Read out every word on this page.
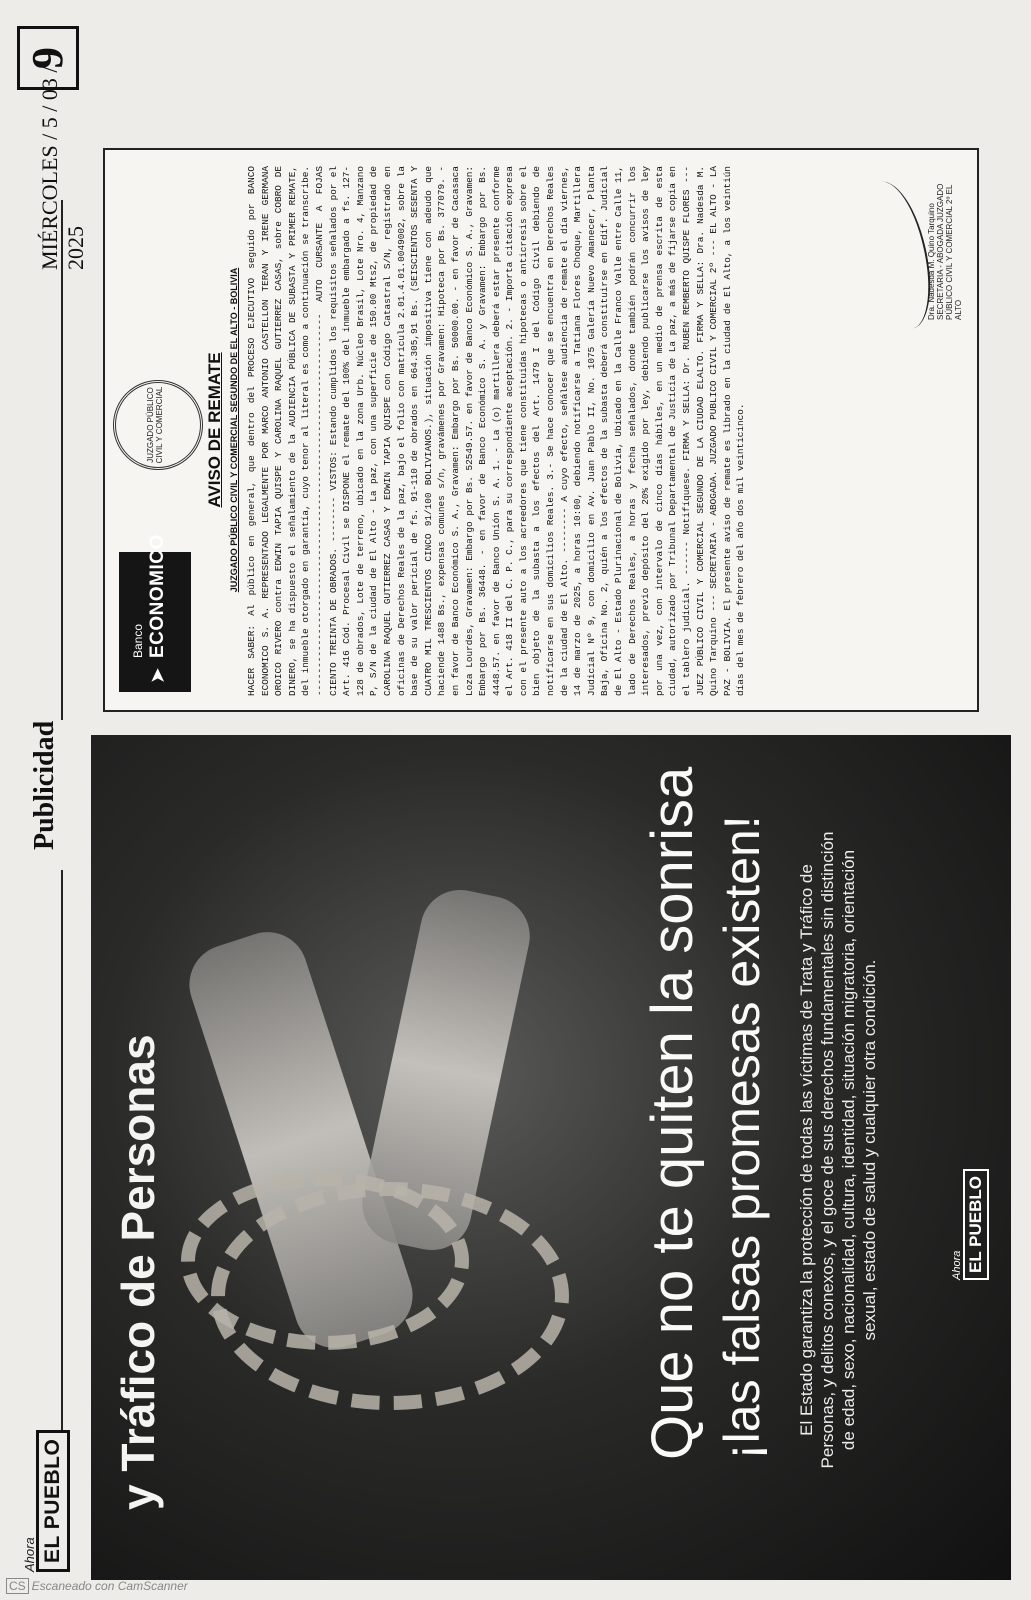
Ahora EL PUEBLO
Publicidad
MIÉRCOLES / 5 / 03 / 2025
9
y Tráfico de Personas	Que no te quiten la sonrisa ¡las falsas promesas existen! El Estado garantiza la protección de todas las víctimas de Trata y Tráfico de Personas, y delitos conexos, y el goce de sus derechos fundamentales sin distinción de edad, sexo, nacionalidad, cultura, identidad, situación migratoria, orientación sexual, estado de salud y cualquier otra condición.	Ahora EL PUEBLO
➤
Banco ECONOMICO
JUZGADO PÚBLICO CIVIL Y COMERCIAL AVISO DE REMATE JUZGADO PÚBLICO CIVIL Y COMERCIAL SEGUNDO DE EL ALTO - BOLIVIA HACER SABER: Al público en general, que dentro del PROCESO EJECUTIVO seguido por BANCO ECONOMICO S. A. REPRESENTADO LEGALMENTE POR MARCO ANTONIO CASTELLON TERAN Y IRENE GERMANA OROICO RIVERO contra EDWIN TAPIA QUISPE Y CAROLINA RAQUEL GUTIERREZ CASAS, sobre COBRO DE DINERO, se ha dispuesto el señalamiento de la AUDIENCIA PÚBLICA DE SUBASTA Y PRIMER REMATE, del inmueble otorgado en garantía, cuyo tenor al literal es como a continuación se transcribe. -------------------------------------------------------------------- AUTO CURSANTE A FOJAS CIENTO TREINTA DE OBRADOS. -------- VISTOS: Estando cumplidos los requisitos señalados por el Art. 416 Cód. Procesal Civil se DISPONE el remate del 100% del inmueble embargado a fs. 127-128 de obrados, Lote de terreno, ubicado en la zona Urb. Núcleo Brasil, Lote Nro. 4, Manzano P, S/N de la ciudad de El Alto - La paz, con una superficie de 150.00 Mts2, de propiedad de CAROLINA RAQUEL GUTIERREZ CASAS Y EDWIN TAPIA QUISPE con Código Catastral S/N, registrado en oficinas de Derechos Reales de la paz, bajo el folio con matricula 2.01.4.01.0049002, sobre la base de su valor pericial de fs. 91-110 de obrados en 664.305,91 Bs. (SEISCIENTOS SESENTA Y CUATRO MIL TRESCIENTOS CINCO 91/100 BOLIVIANOS.), situación impositiva tiene con adeudo que haciende 1488 Bs., expensas comunes s/n, gravámenes por Gravamen: Hipoteca por Bs. 377079. - en favor de Banco Económico S. A., Gravamen: Embargo por Bs. 50000.00. - en favor de Cacasaca Loza Lourdes, Gravamen: Embargo por Bs. 52549.57. en favor de Banco Económico S. A., Gravamen: Embargo por Bs. 36448. - en favor de Banco Económico S. A. y Gravamen: Embargo por Bs. 4448.57. en favor de Banco Unión S. A. 1. - La (o) martillera deberá estar presente conforme el Art. 418 II del C. P. C., para su correspondiente aceptación. 2. - Importa citación expresa con el presente auto a los acreedores que tiene constituidas hipotecas o anticresis sobre el bien objeto de la subasta a los efectos del Art. 1479 I del Código Civil debiendo de notificarse en sus domicilios Reales. 3.- Se hace conocer que se encuentra en Derechos Reales de la ciudad de El Alto. -------- A cuyo efecto, señálese audiencia de remate el día viernes, 14 de marzo de 2025, a horas 10:00, debiendo notificarse a Tatiana Flores Choque, Martillera Judicial Nº 9, con domicilio en Av. Juan Pablo II, No. 1075 Galería Nuevo Amanecer, Planta Baja, Oficina No. 2, quién a los efectos de la subasta deberá constituirse en Edif. Judicial de El Alto - Estado Plurinacional de Bolivia, Ubicado en la Calle Franco Valle entre Calle 11, lado de Derechos Reales, a horas y fecha señalados, donde también podrán concurrir los interesados, previo depósito del 20% exigido por ley, debiendo publicarse los avisos de ley por una vez, con intervalo de cinco días hábiles, en un medio de prensa escrita de esta ciudad, autorizado por Tribunal Departamental de Justicia de La paz, a más de fijarse copia en el tablero judicial. ------ Notifíquese. FIRMA Y SELLA: Dr. RUBEN REMBERTO QUISPE FLORES --- JUEZ PÚBLICO CIVIL Y COMERCIAL SEGUNDO DE LA CIUDAD ELALTO. FIRMA Y SELLA: Dra. Nadesda M. Quino Tarquino --- SECRETARIA - ABOGADA. JUZGADO PUBLICO CIVIL Y COMERCIAL 2º --- EL ALTO - LA PAZ - BOLIVIA. El presente aviso de remate es librado en la ciudad de El Alto, a los veintiún días del mes de febrero del año dos mil veinticinco.
Dra. Nadesda M. Quino Tarquino SECRETARIA - ABOGADA JUZGADO PÚBLICO CIVIL Y COMERCIAL 2º EL ALTO
CS Escaneado con CamScanner
